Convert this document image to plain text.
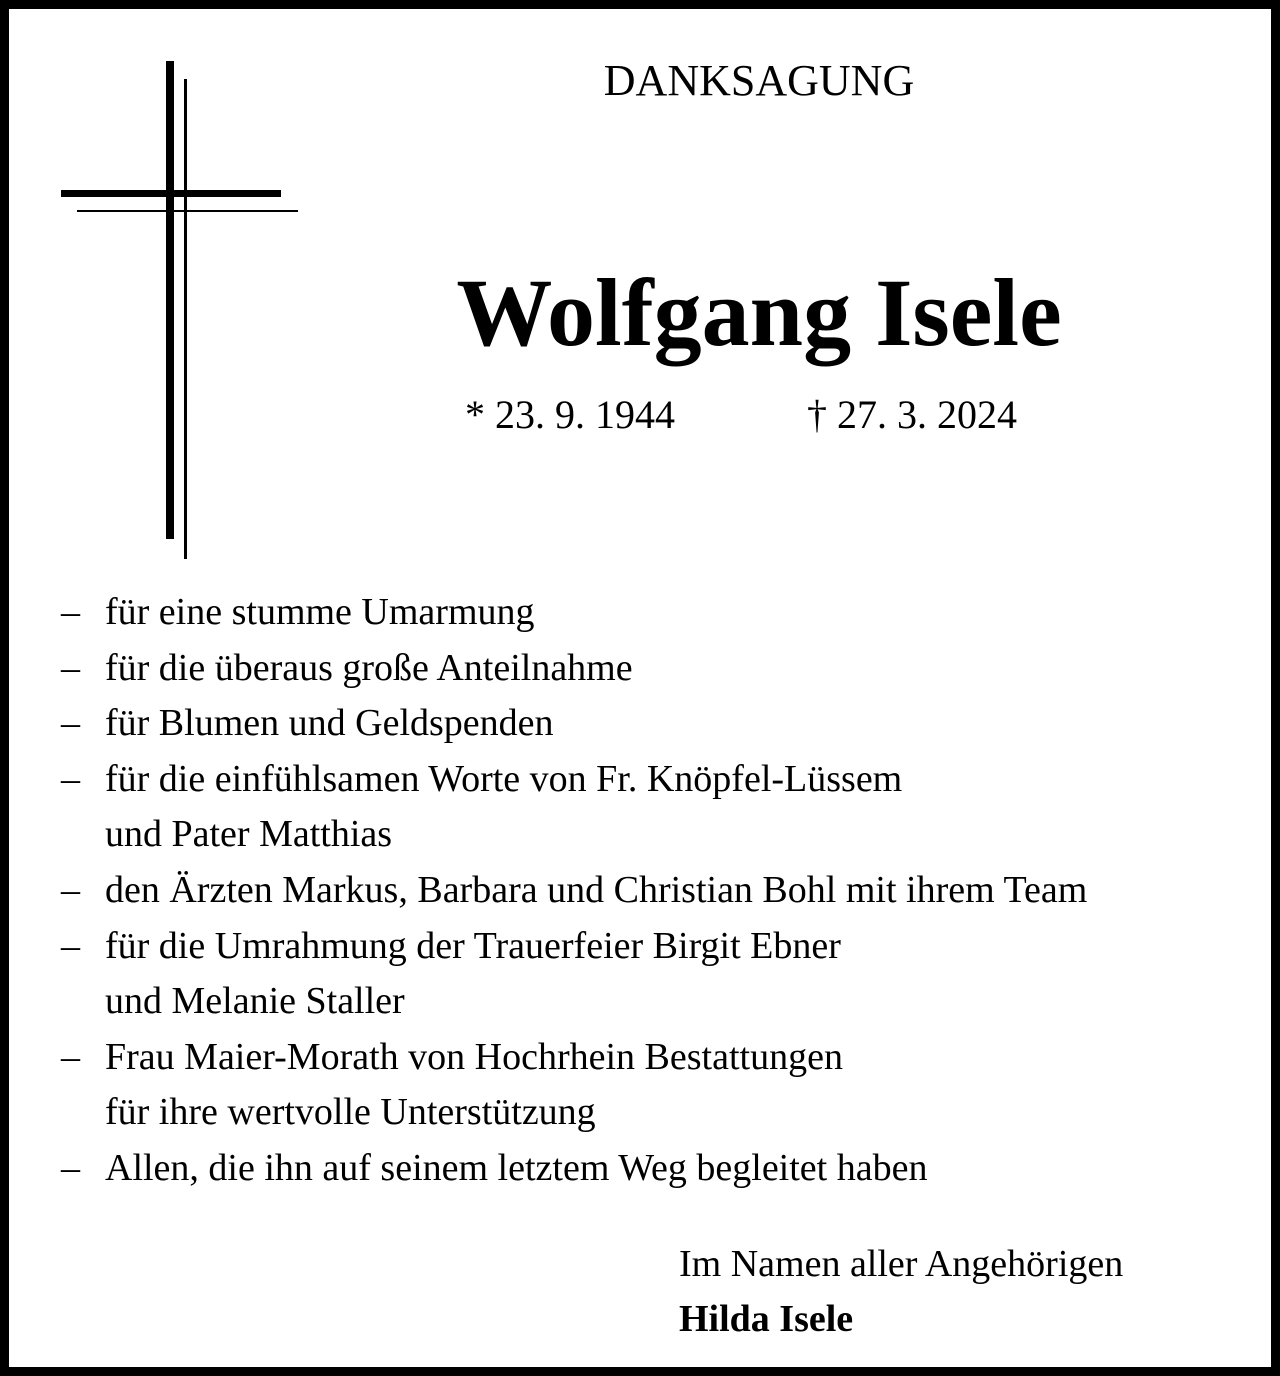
DANKSAGUNG
Wolfgang Isele
* 23. 9. 1944	† 27. 3. 2024
– für eine stumme Umarmung
– für die überaus große Anteilnahme
– für Blumen und Geldspenden
– für die einfühlsamen Worte von Fr. Knöpfel-Lüssem
und Pater Matthias
– den Ärzten Markus, Barbara und Christian Bohl mit ihrem Team
– für die Umrahmung der Trauerfeier Birgit Ebner
und Melanie Staller
– Frau Maier-Morath von Hochrhein Bestattungen
für ihre wertvolle Unterstützung
– Allen, die ihn auf seinem letztem Weg begleitet haben
Im Namen aller Angehörigen
Hilda Isele
